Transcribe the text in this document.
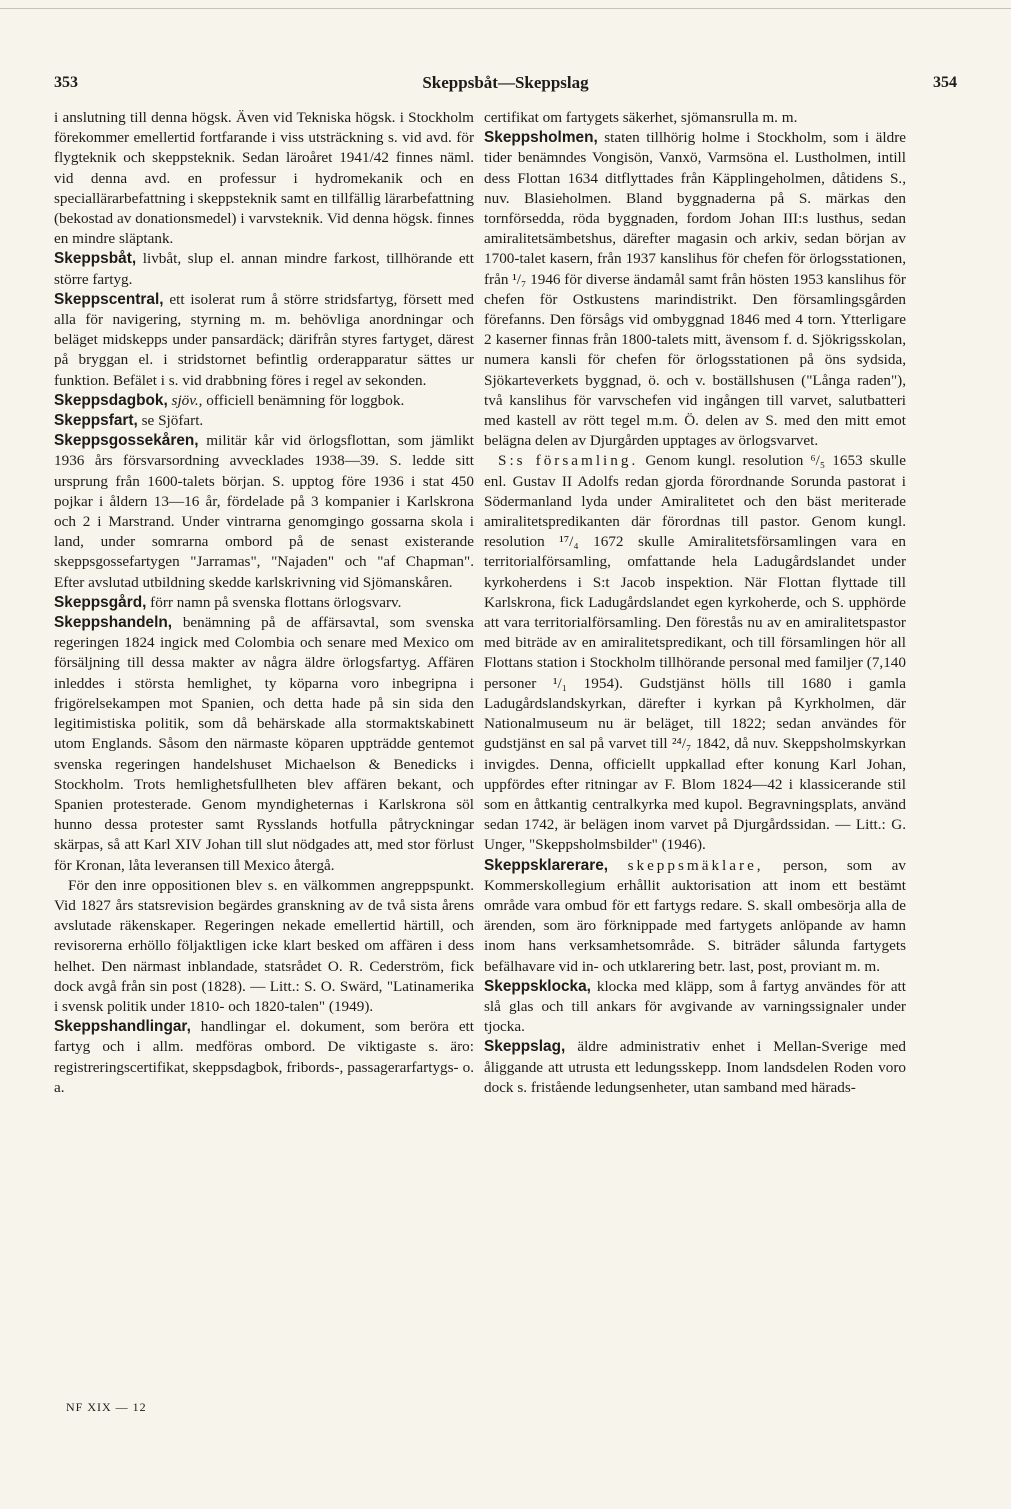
353	Skeppsbåt—Skeppslag	354

i anslutning till denna högsk. Även vid Tekniska högsk. i Stockholm förekommer emellertid fortfarande i viss utsträckning s. vid avd. för flygteknik och skeppsteknik. Sedan läroåret 1941/42 finnes näml. vid denna avd. en professur i hydromekanik och en speciallärarbefattning i skeppsteknik samt en tillfällig lärarbefattning (bekostad av donationsmedel) i varvsteknik. Vid denna högsk. finnes en mindre släptank.

Skeppsbåt, livbåt, slup el. annan mindre farkost, tillhörande ett större fartyg.

Skeppscentral, ett isolerat rum å större stridsfartyg, försett med alla för navigering, styrning m. m. behövliga anordningar och beläget midskepps under pansardäck; därifrån styres fartyget, därest på bryggan el. i stridstornet befintlig orderapparatur sättes ur funktion. Befälet i s. vid drabbning föres i regel av sekonden.

Skeppsdagbok, sjöv., officiell benämning för loggbok.

Skeppsfart, se Sjöfart.

Skeppsgossekåren, militär kår vid örlogsflottan, som jämlikt 1936 års försvarsordning avvecklades 1938—39. S. ledde sitt ursprung från 1600-talets början. S. upptog före 1936 i stat 450 pojkar i åldern 13—16 år, fördelade på 3 kompanier i Karlskrona och 2 i Marstrand. Under vintrarna genomgingo gossarna skola i land, under somrarna ombord på de senast existerande skeppsgossefartygen "Jarramas", "Najaden" och "af Chapman". Efter avslutad utbildning skedde karlskrivning vid Sjömanskåren.

Skeppsgård, förr namn på svenska flottans örlogsvarv.

Skeppshandeln, benämning på de affärsavtal, som svenska regeringen 1824 ingick med Colombia och senare med Mexico om försäljning till dessa makter av några äldre örlogsfartyg. Affären inleddes i största hemlighet, ty köparna voro inbegripna i frigörelsekampen mot Spanien, och detta hade på sin sida den legitimistiska politik, som då behärskade alla stormaktskabinett utom Englands. Såsom den närmaste köparen uppträdde gentemot svenska regeringen handelshuset Michaelson & Benedicks i Stockholm. Trots hemlighetsfullheten blev affären bekant, och Spanien protesterade. Genom myndigheternas i Karlskrona söl hunno dessa protester samt Rysslands hotfulla påtryckningar skärpas, så att Karl XIV Johan till slut nödgades att, med stor förlust för Kronan, låta leveransen till Mexico återgå.

För den inre oppositionen blev s. en välkommen angreppspunkt. Vid 1827 års statsrevision begärdes granskning av de två sista årens avslutade räkenskaper. Regeringen nekade emellertid härtill, och revisorerna erhöllo följaktligen icke klart besked om affären i dess helhet. Den närmast inblandade, statsrådet O. R. Cederström, fick dock avgå från sin post (1828). — Litt.: S. O. Swärd, "Latinamerika i svensk politik under 1810- och 1820-talen" (1949).

Skeppshandlingar, handlingar el. dokument, som beröra ett fartyg och i allm. medföras ombord. De viktigaste s. äro: registreringscertifikat, skeppsdagbok, fribords-, passagerarfartygs- o. a.

certifikat om fartygets säkerhet, sjömansrulla m. m.

Skeppsholmen, staten tillhörig holme i Stockholm, som i äldre tider benämndes Vongisön, Vanxö, Varmsöna el. Lustholmen, intill dess Flottan 1634 ditflyttades från Käpplingeholmen, dåtidens S., nuv. Blasieholmen. Bland byggnaderna på S. märkas den tornförsedda, röda byggnaden, fordom Johan III:s lusthus, sedan amiralitetsämbetshus, därefter magasin och arkiv, sedan början av 1700-talet kasern, från 1937 kanslihus för chefen för örlogsstationen, från ¹/₇ 1946 för diverse ändamål samt från hösten 1953 kanslihus för chefen för Ostkustens marindistrikt. Den församlingsgården förefanns. Den försågs vid ombyggnad 1846 med 4 torn. Ytterligare 2 kaserner finnas från 1800-talets mitt, ävensom f. d. Sjökrigsskolan, numera kansli för chefen för örlogsstationen på öns sydsida, Sjökarteverkets byggnad, ö. och v. boställshusen ("Långa raden"), två kanslihus för varvschefen vid ingången till varvet, salutbatteri med kastell av rött tegel m.m. Ö. delen av S. med den mitt emot belägna delen av Djurgården upptages av örlogsvarvet.

S:s församling. Genom kungl. resolution ⁶/₅ 1653 skulle enl. Gustav II Adolfs redan gjorda förordnande Sorunda pastorat i Södermanland lyda under Amiralitetet och den bäst meriterade amiralitetspredikanten där förordnas till pastor. Genom kungl. resolution ¹⁷/₄ 1672 skulle Amiralitetsförsamlingen vara en territorialförsamling, omfattande hela Ladugårdslandet under kyrkoherdens i S:t Jacob inspektion. När Flottan flyttade till Karlskrona, fick Ladugårdslandet egen kyrkoherde, och S. upphörde att vara territorialförsamling. Den förestås nu av en amiralitetspastor med biträde av en amiralitetspredikant, och till församlingen hör all Flottans station i Stockholm tillhörande personal med familjer (7,140 personer ¹/₁ 1954). Gudstjänst hölls till 1680 i gamla Ladugårdslandskyrkan, därefter i kyrkan på Kyrkholmen, där Nationalmuseum nu är beläget, till 1822; sedan användes för gudstjänst en sal på varvet till ²⁴/₇ 1842, då nuv. Skeppsholmskyrkan invigdes. Denna, officiellt uppkallad efter konung Karl Johan, uppfördes efter ritningar av F. Blom 1824—42 i klassicerande stil som en åttkantig centralkyrka med kupol. Begravningsplats, använd sedan 1742, är belägen inom varvet på Djurgårdssidan. — Litt.: G. Unger, "Skeppsholmsbilder" (1946).

Skeppsklarerare, skeppsmäklare, person, som av Kommerskollegium erhållit auktorisation att inom ett bestämt område vara ombud för ett fartygs redare. S. skall ombesörja alla de ärenden, som äro förknippade med fartygets anlöpande av hamn inom hans verksamhetsområde. S. biträder sålunda fartygets befälhavare vid in- och utklarering betr. last, post, proviant m. m.

Skeppsklocka, klocka med kläpp, som å fartyg användes för att slå glas och till ankars för avgivande av varningssignaler under tjocka.

Skeppslag, äldre administrativ enhet i Mellan-Sverige med åliggande att utrusta ett ledungsskepp. Inom landsdelen Roden voro dock s. fristående ledungsenheter, utan samband med härads-

NF XIX — 12
